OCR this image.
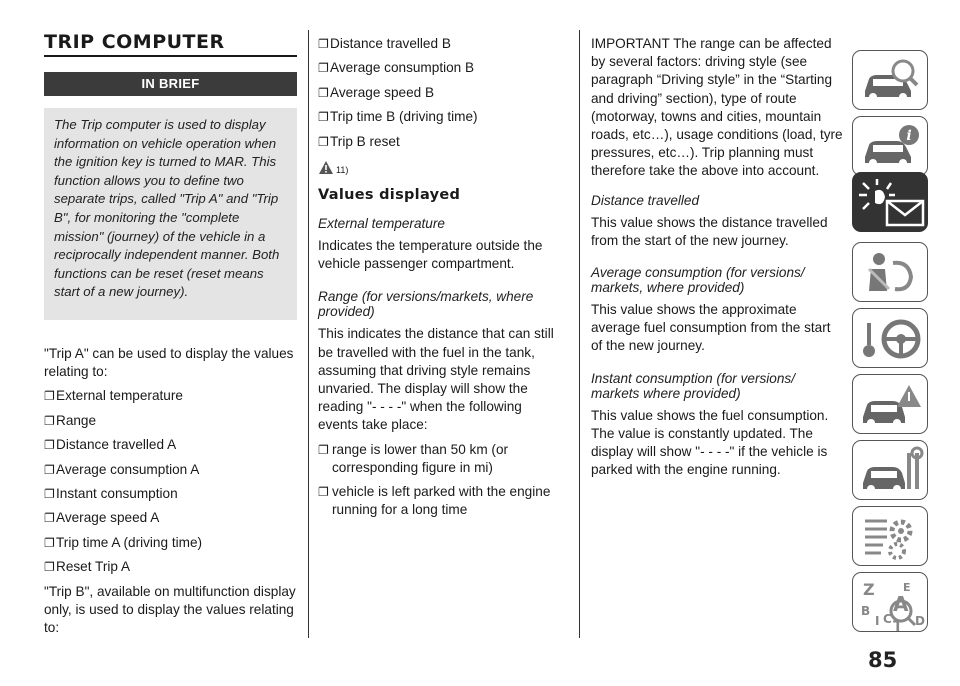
TRIP COMPUTER
IN BRIEF
The Trip computer is used to display information on vehicle operation when the ignition key is turned to MAR. This function allows you to define two separate trips, called "Trip A" and "Trip B", for monitoring the "complete mission" (journey) of the vehicle in a reciprocally independent manner. Both functions can be reset (reset means start of a new journey).

"Trip A" can be used to display the values relating to:

❐ External temperature
❐ Range
❐ Distance travelled A
❐ Average consumption A
❐ Instant consumption
❐ Average speed A
❐ Trip time A (driving time)
❐ Reset Trip A

"Trip B", available on multifunction display only, is used to display the values relating to:

❐ Distance travelled B
❐ Average consumption B
❐ Average speed B
❐ Trip time B (driving time)
❐ Trip B reset
11)
Values displayed

External temperature

Indicates the temperature outside the vehicle passenger compartment.

Range (for versions/markets, where provided)

This indicates the distance that can still be travelled with the fuel in the tank, assuming that driving style remains unvaried. The display will show the reading "- - - -" when the following events take place:

❐ range is lower than 50 km (or corresponding figure in mi)
❐ vehicle is left parked with the engine running for a long time

IMPORTANT The range can be affected by several factors: driving style (see paragraph “Driving style” in the “Starting and driving” section), type of route (motorway, towns and cities, mountain roads, etc…), usage conditions (load, tyre pressures, etc…). Trip planning must therefore take the above into account.

Distance travelled

This value shows the distance travelled from the start of the new journey.

Average consumption (for versions/ markets, where provided)

This value shows the approximate average fuel consumption from the start of the new journey.

Instant consumption (for versions/ markets where provided)

This value shows the fuel consumption. The value is constantly updated. The display will show "- - - -" if the vehicle is parked with the engine running.

i
Z	E
B A
I C T D
85
